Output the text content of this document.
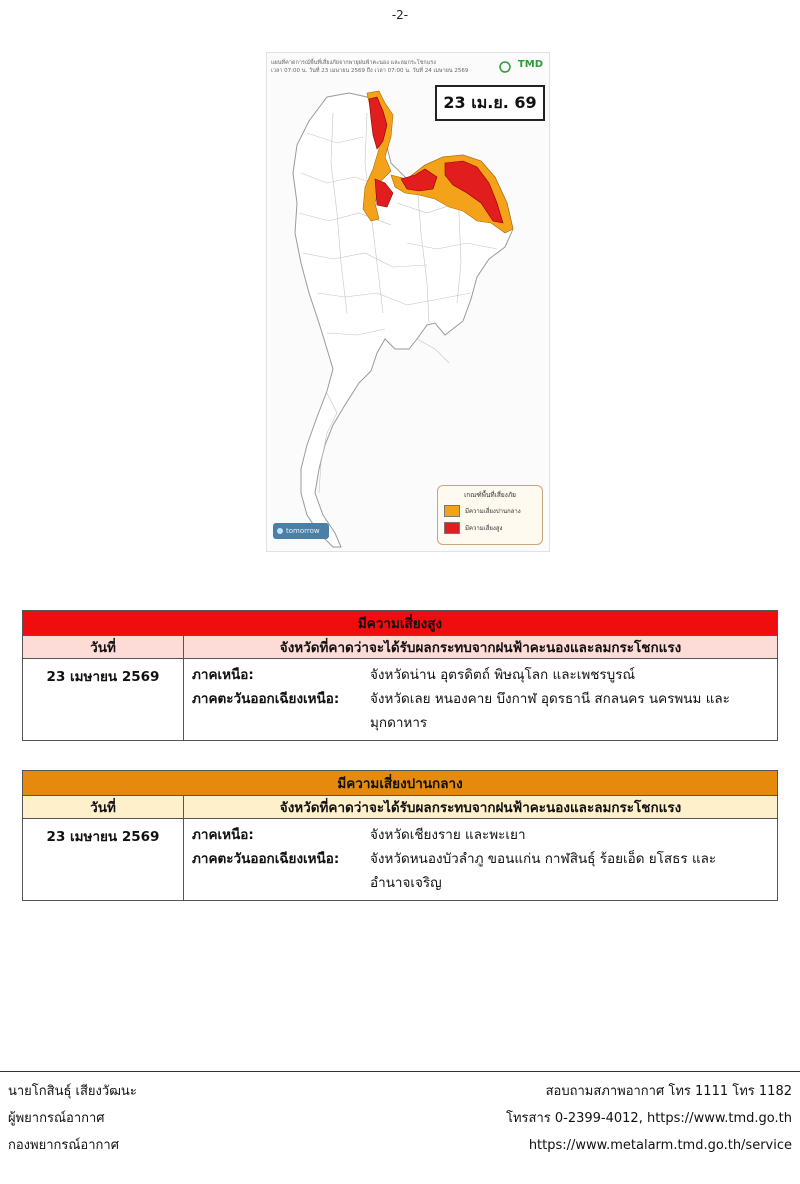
-2-
แผนที่คาดการณ์พื้นที่เสี่ยงภัยจากพายุฝนฟ้าคะนอง และลมกระโชกแรง
เวลา 07:00 น. วันที่ 23 เมษายน 2569 ถึง เวลา 07:00 น. วันที่ 24 เมษายน 2569
TMD
23 เม.ย. 69
เกณฑ์พื้นที่เสี่ยงภัย
มีความเสี่ยงปานกลาง
มีความเสี่ยงสูง
tomorrow
มีความเสี่ยงสูง	
วันที่	จังหวัดที่คาดว่าจะได้รับผลกระทบจากฝนฟ้าคะนองและลมกระโชกแรง
23 เมษายน 2569	ภาคเหนือ: จังหวัดน่าน อุตรดิตถ์ พิษณุโลก และเพชรบูรณ์
ภาคตะวันออกเฉียงเหนือ: จังหวัดเลย หนองคาย บึงกาฬ อุดรธานี สกลนคร นครพนม และมุกดาหาร
มีความเสี่ยงปานกลาง	
วันที่	จังหวัดที่คาดว่าจะได้รับผลกระทบจากฝนฟ้าคะนองและลมกระโชกแรง
23 เมษายน 2569	ภาคเหนือ: จังหวัดเชียงราย และพะเยา
ภาคตะวันออกเฉียงเหนือ: จังหวัดหนองบัวลำภู ขอนแก่น กาฬสินธุ์ ร้อยเอ็ด ยโสธร และอำนาจเจริญ
นายโกสินธุ์ เสียงวัฒนะ
ผู้พยากรณ์อากาศ
กองพยากรณ์อากาศ
สอบถามสภาพอากาศ โทร 1111 โทร 1182
โทรสาร 0-2399-4012, https://www.tmd.go.th
https://www.metalarm.tmd.go.th/service
